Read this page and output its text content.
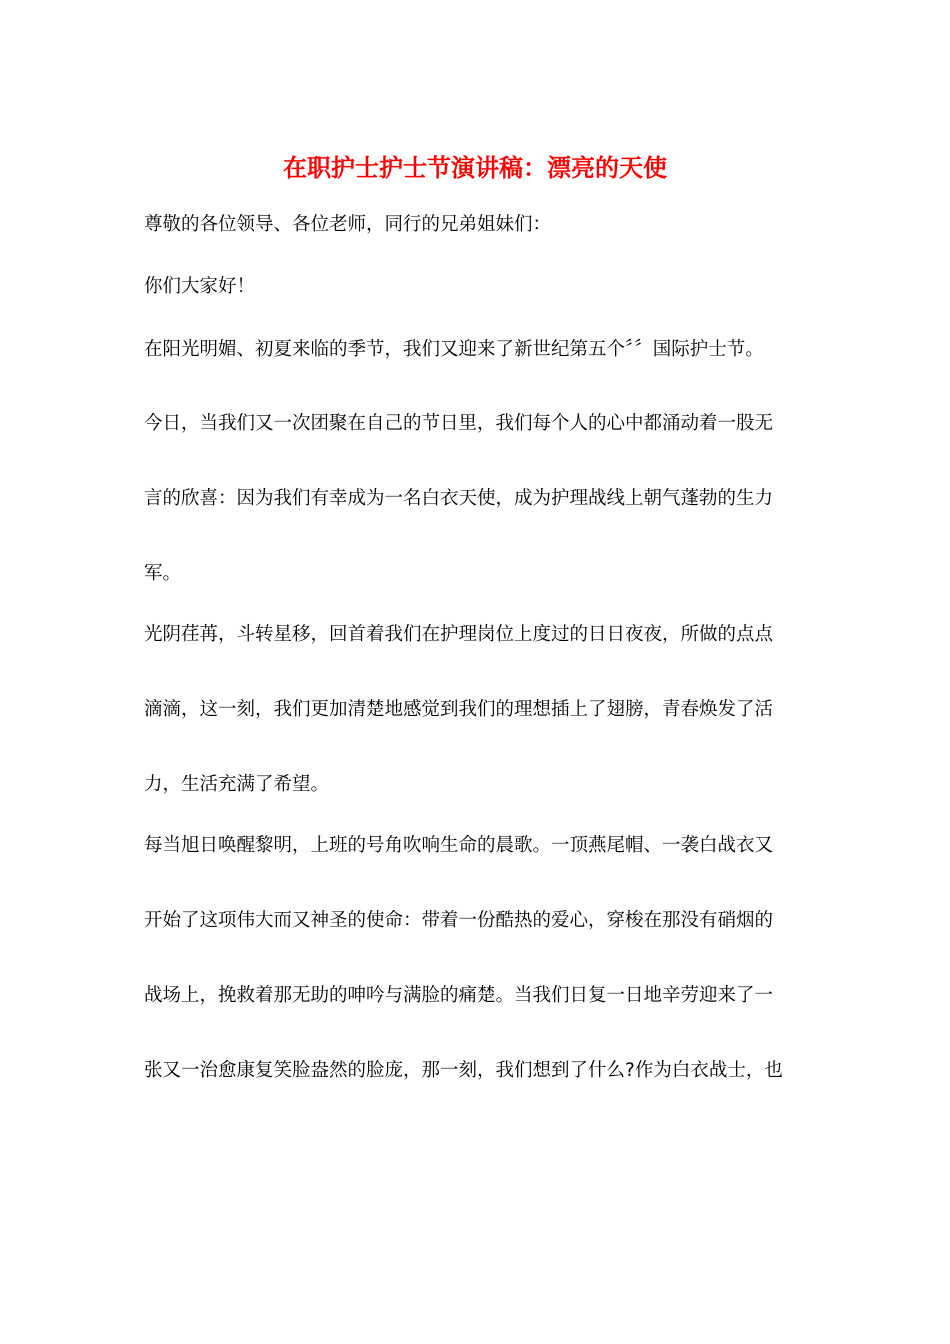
在职护士护士节演讲稿：漂亮的天使
尊敬的各位领导、各位老师，同行的兄弟姐妹们：
你们大家好！
在阳光明媚、初夏来临的季节，我们又迎来了新世纪第五个〞〞国际护士节。
今日，当我们又一次团聚在自己的节日里，我们每个人的心中都涌动着一股无
言的欣喜：因为我们有幸成为一名白衣天使，成为护理战线上朝气蓬勃的生力
军。
光阴荏苒，斗转星移，回首着我们在护理岗位上度过的日日夜夜，所做的点点
滴滴，这一刻，我们更加清楚地感觉到我们的理想插上了翅膀，青春焕发了活
力，生活充满了希望。
每当旭日唤醒黎明，上班的号角吹响生命的晨歌。一顶燕尾帽、一袭白战衣又
开始了这项伟大而又神圣的使命：带着一份酷热的爱心，穿梭在那没有硝烟的
战场上，挽救着那无助的呻吟与满脸的痛楚。当我们日复一日地辛劳迎来了一
张又一治愈康复笑脸盎然的脸庞，那一刻，我们想到了什么?作为白衣战士，也
